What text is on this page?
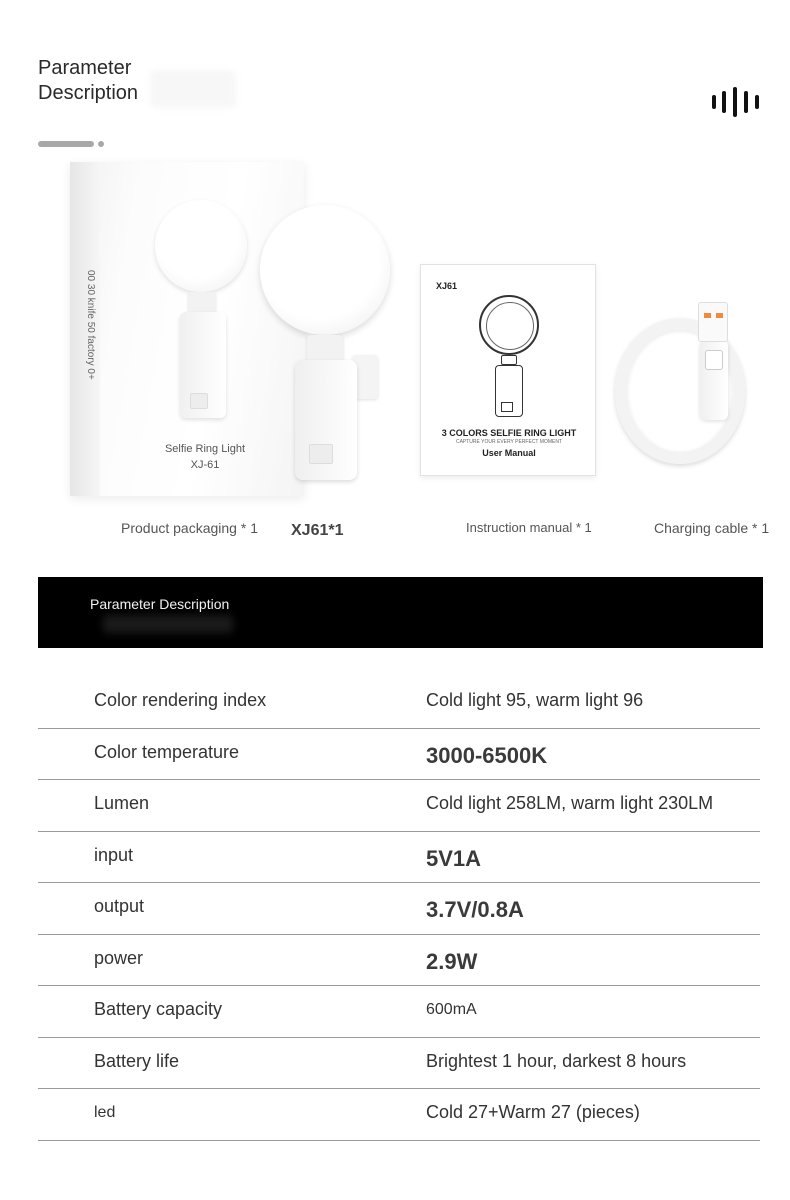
Parameter
Description
00 30 knife 50 factory 0+
Selfie Ring Light
XJ-61
XJ61
3 COLORS SELFIE RING LIGHT
CAPTURE YOUR EVERY PERFECT MOMENT
User Manual
Product packaging * 1 XJ61*1	Instruction manual * 1	Charging cable * 1
Parameter Description
Color rendering index	Cold light 95, warm light 96
Color temperature	3000-6500K
Lumen	Cold light 258LM, warm light 230LM
input	5V1A
output	3.7V/0.8A
power	2.9W
Battery capacity	600mA
Battery life	Brightest 1 hour, darkest 8 hours
led	Cold 27+Warm 27 (pieces)
